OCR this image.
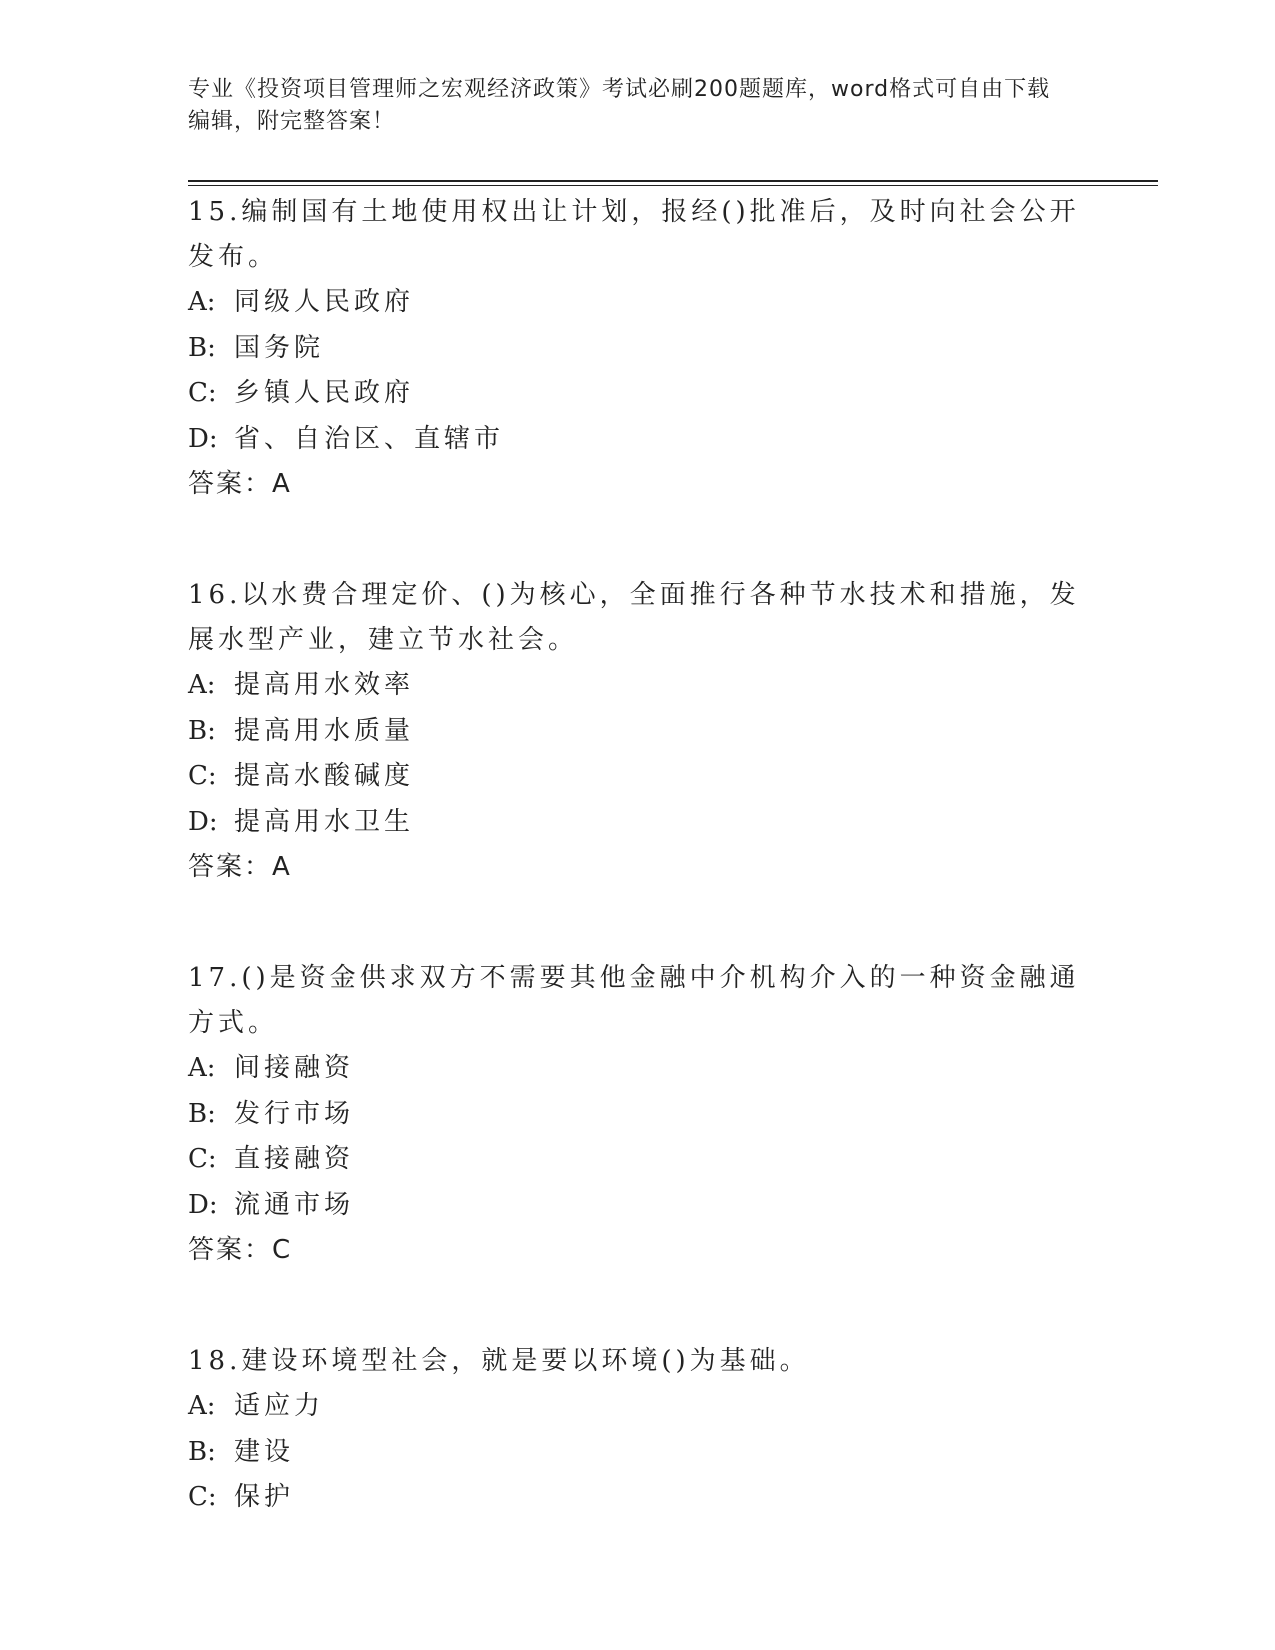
专业《投资项目管理师之宏观经济政策》考试必刷200题题库，word格式可自由下载编辑，附完整答案！
15.编制国有土地使用权出让计划，报经()批准后，及时向社会公开发布。
A: 同级人民政府
B: 国务院
C: 乡镇人民政府
D: 省、自治区、直辖市
答案：A
16.以水费合理定价、()为核心，全面推行各种节水技术和措施，发展水型产业，建立节水社会。
A: 提高用水效率
B: 提高用水质量
C: 提高水酸碱度
D: 提高用水卫生
答案：A
17.()是资金供求双方不需要其他金融中介机构介入的一种资金融通方式。
A: 间接融资
B: 发行市场
C: 直接融资
D: 流通市场
答案：C
18.建设环境型社会，就是要以环境()为基础。
A: 适应力
B: 建设
C: 保护
